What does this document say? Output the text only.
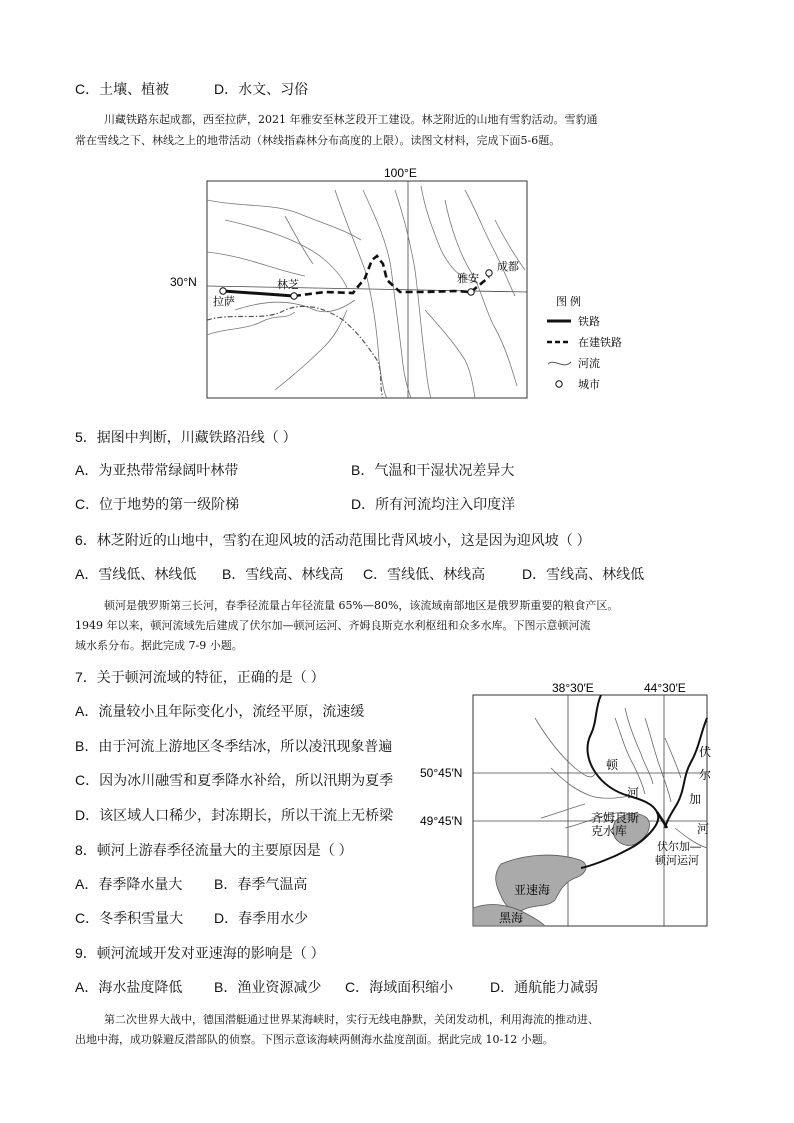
C．土壤、植被	D．水文、习俗
川藏铁路东起成都，西至拉萨，2021 年雅安至林芝段开工建设。林芝附近的山地有雪豹活动。雪豹通
常在雪线之下、林线之上的地带活动（林线指森林分布高度的上限）。读图文材料，完成下面5-6题。
拉萨
林芝	雅安
成都
100°E
30°N
图 例
铁路
在建铁路
河流
城市
5．据图中判断，川藏铁路沿线（ ）
A．为亚热带常绿阔叶林带	B．气温和干湿状况差异大
C．位于地势的第一级阶梯	D．所有河流均注入印度洋
6．林芝附近的山地中，雪豹在迎风坡的活动范围比背风坡小，这是因为迎风坡（ ）
A．雪线低、林线低 B．雪线高、林线高 C．雪线低、林线高	D．雪线高、林线低
顿河是俄罗斯第三长河，春季径流量占年径流量 65%—80%，该流域南部地区是俄罗斯重要的粮食产区。
1949 年以来，顿河流域先后建成了伏尔加—顿河运河、齐姆良斯克水利枢纽和众多水库。下图示意顿河流
域水系分布。据此完成 7-9 小题。
7．关于顿河流域的特征，正确的是（ ）
A．流量较小且年际变化小，流经平原，流速缓
B．由于河流上游地区冬季结冰，所以凌汛现象普遍
C．因为冰川融雪和夏季降水补给，所以汛期为夏季
D．该区域人口稀少，封冻期长，所以干流上无桥梁
38°30′E	44°30′E
50°45′N
49°45′N
顿
河
伏
尔
加
河
齐姆良斯
克水库
伏尔加—
顿河运河
亚速海
黑海
8．顿河上游春季径流量大的主要原因是（ ）
A．春季降水量大 B．春季气温高
C．冬季积雪量大 D．春季用水少
9．顿河流域开发对亚速海的影响是（ ）
A．海水盐度降低 B．渔业资源减少 C．海域面积缩小	D．通航能力减弱
第二次世界大战中，德国潜艇通过世界某海峡时，实行无线电静默，关闭发动机，利用海流的推动进、
出地中海，成功躲避反潜部队的侦察。下图示意该海峡两侧海水盐度剖面。据此完成 10-12 小题。
